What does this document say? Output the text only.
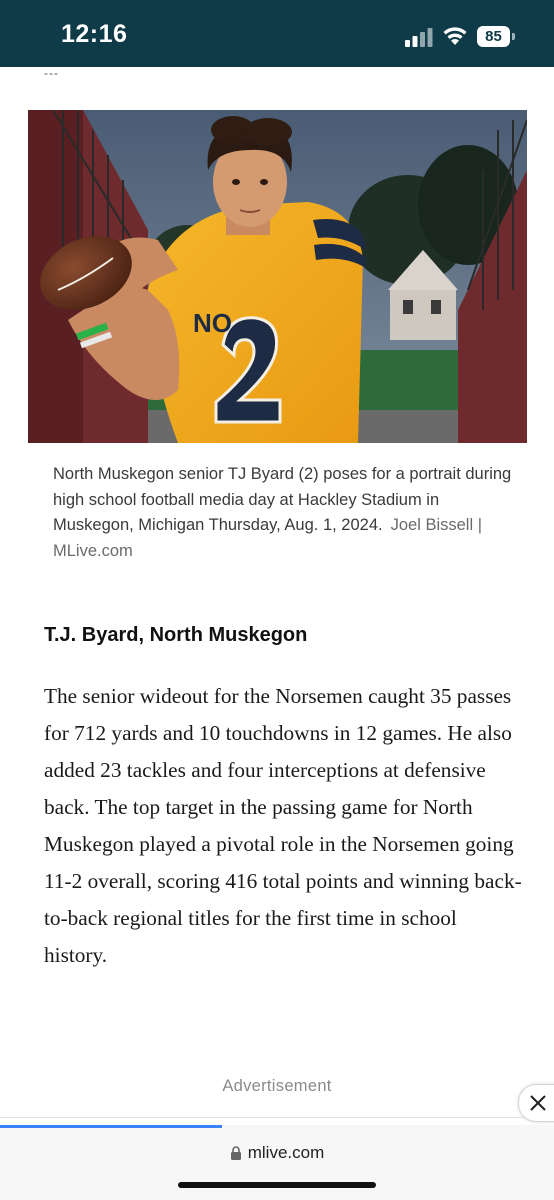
12:16	85
---
NO
North Muskegon senior TJ Byard (2) poses for a portrait during high school football media day at Hackley Stadium in Muskegon, Michigan Thursday, Aug. 1, 2024. Joel Bissell | MLive.com
T.J. Byard, North Muskegon
The senior wideout for the Norsemen caught 35 passes for 712 yards and 10 touchdowns in 12 games. He also added 23 tackles and four interceptions at defensive back. The top target in the passing game for North Muskegon played a pivotal role in the Norsemen going 11-2 overall, scoring 416 total points and winning back-to-back regional titles for the first time in school history.
Advertisement
mlive.com
